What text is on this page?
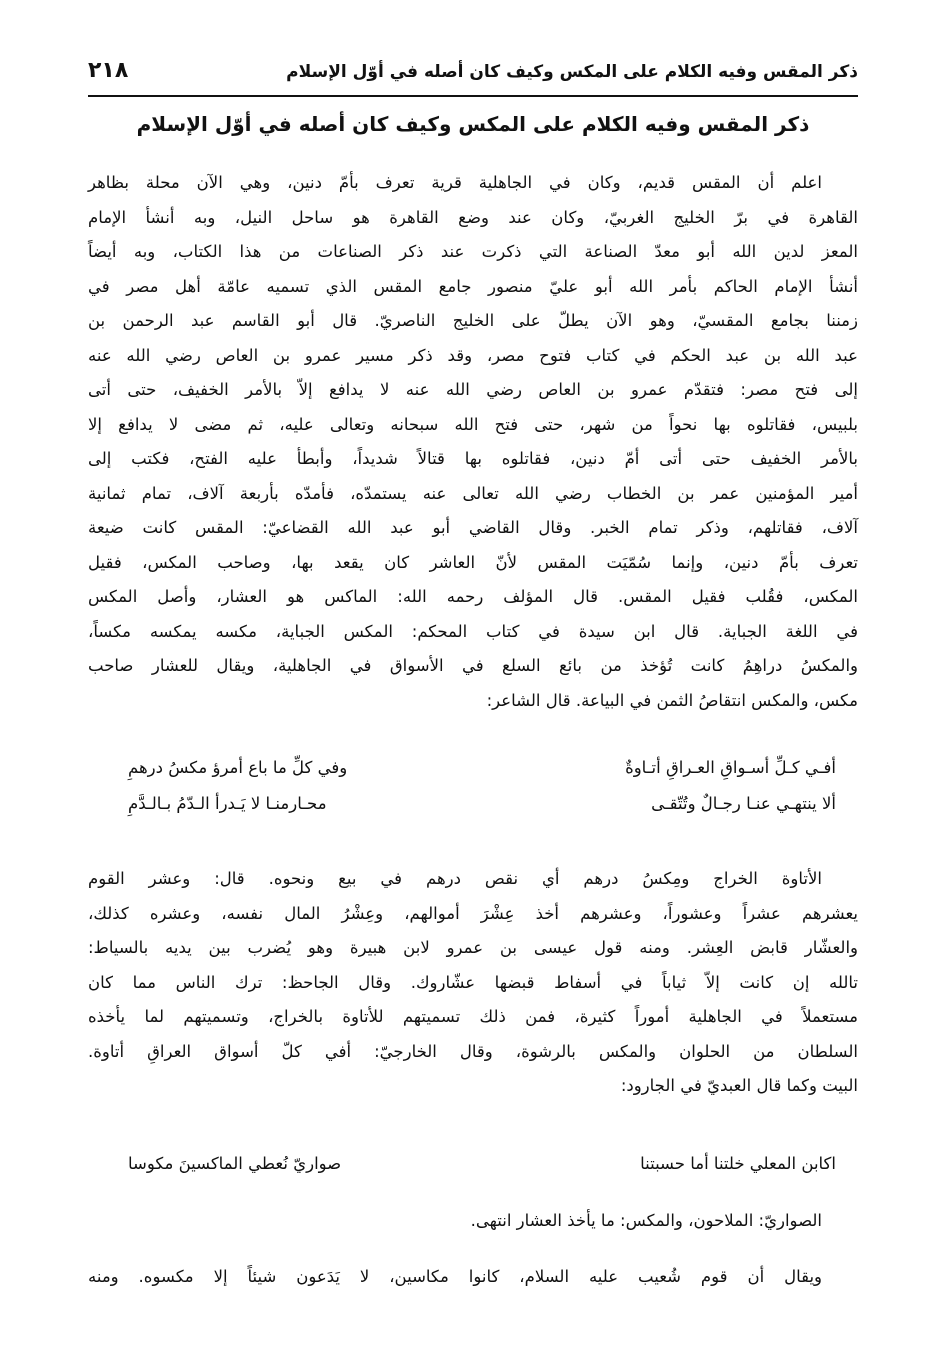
ذكر المقس وفيه الكلام على المكس وكيف كان أصله في أوّل الإسلام
٢١٨
ذكر المقس وفيه الكلام على المكس وكيف كان أصله في أوّل الإسلام
اعلم أن المقس قديم، وكان في الجاهلية قرية تعرف بأمّ دنين، وهي الآن محلة بظاهر
القاهرة في برّ الخليج الغربيّ، وكان عند وضع القاهرة هو ساحل النيل، وبه أنشأ الإمام
المعز لدين الله أبو معدّ الصناعة التي ذكرت عند ذكر الصناعات من هذا الكتاب، وبه أيضاً
أنشأ الإمام الحاكم بأمر الله أبو عليّ منصور جامع المقس الذي تسميه عامّة أهل مصر في
زمننا بجامع المقسيّ، وهو الآن يطلّ على الخليج الناصريّ. قال أبو القاسم عبد الرحمن بن
عبد الله بن عبد الحكم في كتاب فتوح مصر، وقد ذكر مسير عمرو بن العاص رضي الله عنه
إلى فتح مصر: فتقدّم عمرو بن العاص رضي الله عنه لا يدافع إلاّ بالأمر الخفيف، حتى أتى
بلبيس، فقاتلوه بها نحواً من شهر، حتى فتح الله سبحانه وتعالى عليه، ثم مضى لا يدافع إلا
بالأمر الخفيف حتى أتى أمّ دنين، فقاتلوه بها قتالاً شديداً، وأبطأ عليه الفتح، فكتب إلى
أمير المؤمنين عمر بن الخطاب رضي الله تعالى عنه يستمدّه، فأمدّه بأربعة آلاف، تمام ثمانية
آلاف، فقاتلهم، وذكر تمام الخبر. وقال القاضي أبو عبد الله القضاعيّ: المقس كانت ضيعة
تعرف بأمّ دنين، وإنما سُمّيَت المقس لأنّ العاشر كان يقعد بها، وصاحب المكس، فقيل
المكس، فقُلب فقيل المقس. قال المؤلف رحمه الله: الماكس هو العشار، وأصل المكس
في اللغة الجباية. قال ابن سيدة في كتاب المحكم: المكس الجباية، مكسه يمكسه مكساً،
والمكسُ دراهِمُ كانت تُؤخذ من بائع السلع في الأسواق في الجاهلية، ويقال للعشار صاحب
مكس، والمكس انتقاصُ الثمن في البياعة. قال الشاعر:
أفـي كـلِّ أسـواقِ العـراقِ أتـاوةٌ
وفي كلِّ ما باع أمرؤ مكسُ درهمِ
ألا ينتهـي عنـا رجـالٌ وتُتّقـى
محـارمنـا لا يَـدرأ الـدّمُ بـالـدَّمِ
الأتاوة الخراج ومِكسُ درهم أي نقص درهم في بيع ونحوه. قال: وعشر القوم
يعشرهم عشراً وعشوراً، وعشرهم أخذ عِشْرَ أموالهم، وعِشْرُ المال نفسه، وعشره كذلك،
والعشّار قابض العِشر. ومنه قول عيسى بن عمرو لابن هبيرة وهو يُضرب بين يديه بالسياط:
تالله إن كانت إلاّ ثياباً في أسفاط قبضها عشّاروك. وقال الجاحظ: ترك الناس مما كان
مستعملاً في الجاهلية أموراً كثيرة، فمن ذلك تسميتهم للأتاوة بالخراج، وتسميتهم لما يأخذه
السلطان من الحلوان والمكس بالرشوة، وقال الخارجيّ: أفي كلّ أسواق العراقِ أتاوة.
البيت وكما قال العبديّ في الجارود:
اكابن المعلي خلتنا أما حسبتنا
صواريّ نُعطي الماكسينَ مكوسا
الصواريّ: الملاحون، والمكس: ما يأخذ العشار انتهى.
ويقال أن قوم شُعيب عليه السلام، كانوا مكاسين، لا يَدَعون شيئاً إلا مكسوه. ومنه
